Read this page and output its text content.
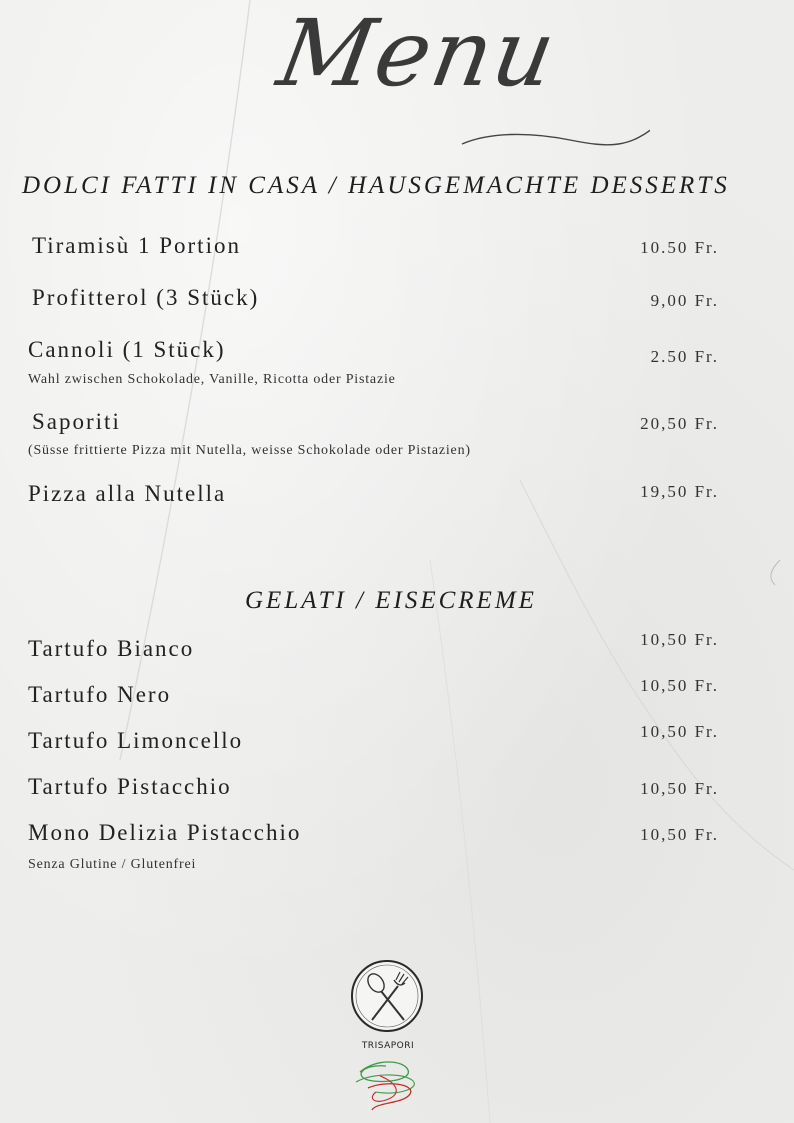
Menu
DOLCI FATTI IN CASA / HAUSGEMACHTE DESSERTS
Tiramisù 1 Portion	10.50 Fr.
Profitterol (3 Stück)	9,00 Fr.
Cannoli (1 Stück)	2.50 Fr.
Wahl zwischen Schokolade, Vanille, Ricotta oder Pistazie
Saporiti	20,50 Fr.
(Süsse frittierte Pizza mit Nutella, weisse Schokolade oder Pistazien)
Pizza alla Nutella	19,50 Fr.
GELATI / EISECREME
Tartufo Bianco	10,50 Fr.
Tartufo Nero	10,50 Fr.
Tartufo Limoncello	10,50 Fr.
Tartufo Pistacchio	10,50 Fr.
Mono Delizia Pistacchio	10,50 Fr.
Senza Glutine / Glutenfrei
TRISAPORI
